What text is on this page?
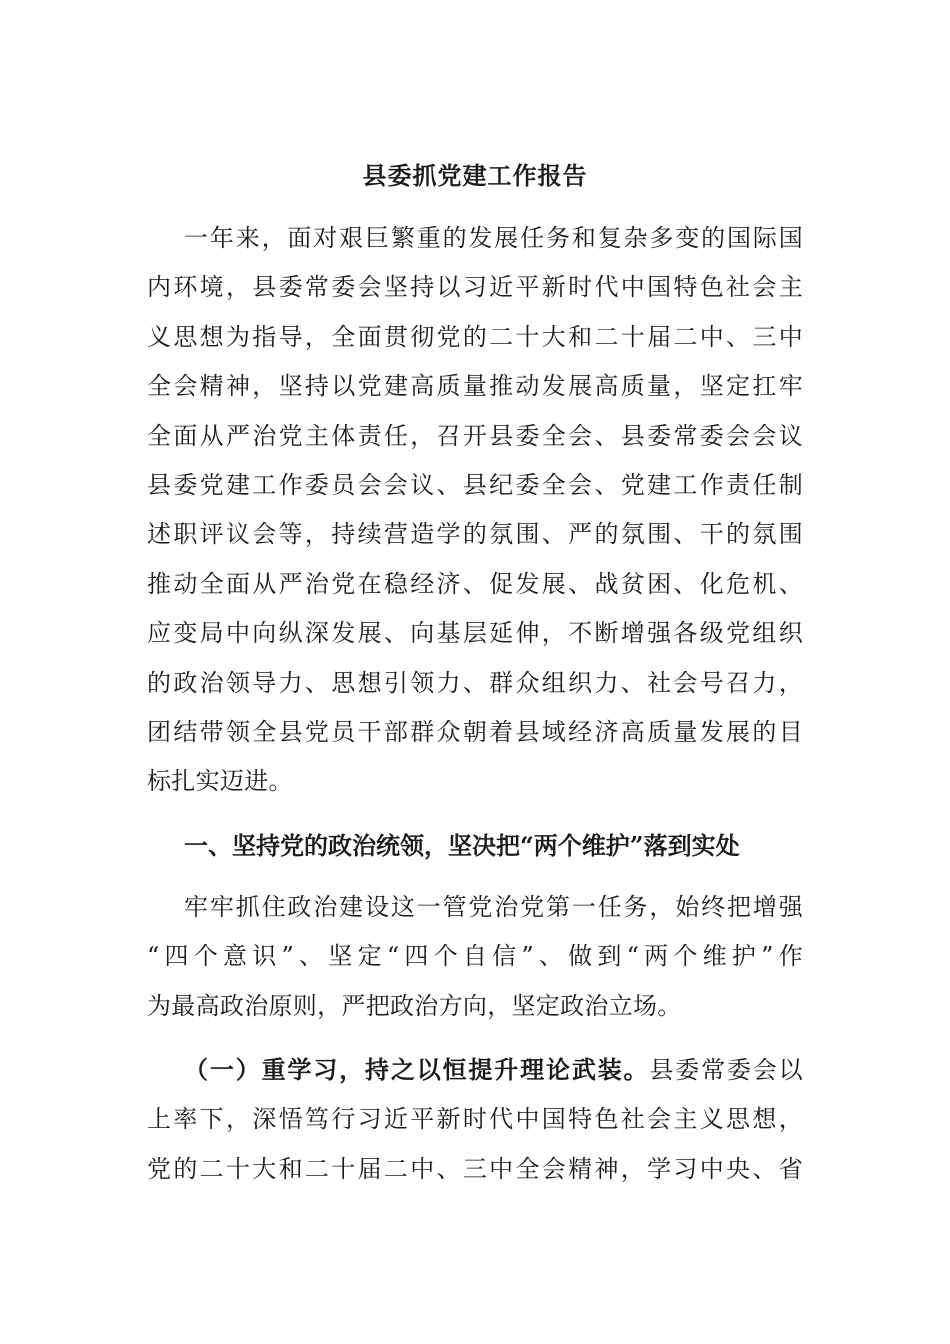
县委抓党建工作报告
一年来，面对艰巨繁重的发展任务和复杂多变的国际国
内环境，县委常委会坚持以习近平新时代中国特色社会主
义思想为指导，全面贯彻党的二十大和二十届二中、三中
全会精神，坚持以党建高质量推动发展高质量，坚定扛牢
全面从严治党主体责任，召开县委全会、县委常委会会议
县委党建工作委员会会议、县纪委全会、党建工作责任制
述职评议会等，持续营造学的氛围、严的氛围、干的氛围
推动全面从严治党在稳经济、促发展、战贫困、化危机、
应变局中向纵深发展、向基层延伸，不断增强各级党组织
的政治领导力、思想引领力、群众组织力、社会号召力，
团结带领全县党员干部群众朝着县域经济高质量发展的目
标扎实迈进。
一、坚持党的政治统领，坚决把“两个维护”落到实处
牢牢抓住政治建设这一管党治党第一任务，始终把增强
“四个意识”、坚定“四个自信”、做到“两个维护”作
为最高政治原则，严把政治方向，坚定政治立场。
（一）重学习，持之以恒提升理论武装。县委常委会以
上率下，深悟笃行习近平新时代中国特色社会主义思想，
党的二十大和二十届二中、三中全会精神，学习中央、省
